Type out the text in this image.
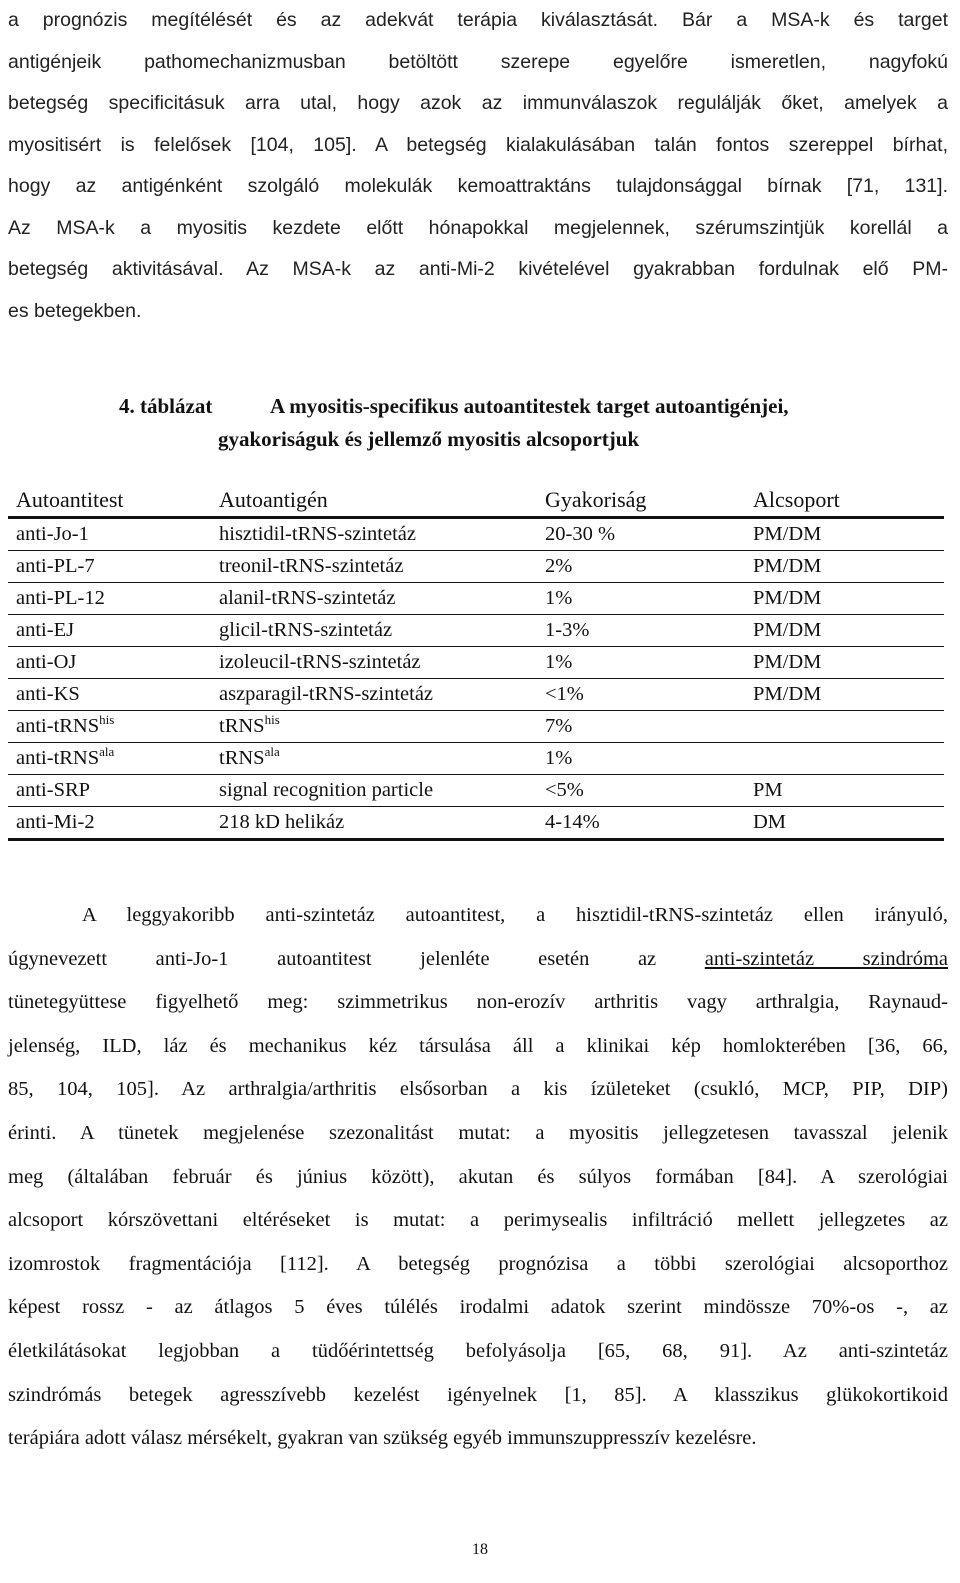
a prognózis megítélését és az adekvát terápia kiválasztását. Bár a MSA-k és target
antigénjeik pathomechanizmusban betöltött szerepe egyelőre ismeretlen, nagyfokú
betegség specificitásuk arra utal, hogy azok az immunválaszok regulálják őket, amelyek a
myositisért is felelősek [104, 105]. A betegség kialakulásában talán fontos szereppel bírhat,
hogy az antigénként szolgáló molekulák kemoattraktáns tulajdonsággal bírnak [71, 131].
Az MSA-k a myositis kezdete előtt hónapokkal megjelennek, szérumszintjük korellál a
betegség aktivitásával. Az MSA-k az anti-Mi-2 kivételével gyakrabban fordulnak elő PM-
es betegekben.
4. táblázat	A myositis-specifikus autoantitestek target autoantigénjei,
gyakoriságuk és jellemző myositis alcsoportjuk
Autoantitest	Autoantigén	Gyakoriság	Alcsoport
anti-Jo-1	hisztidil-tRNS-szintetáz	20-30 %	PM/DM
anti-PL-7	treonil-tRNS-szintetáz	2%	PM/DM
anti-PL-12	alanil-tRNS-szintetáz	1%	PM/DM
anti-EJ	glicil-tRNS-szintetáz	1-3%	PM/DM
anti-OJ	izoleucil-tRNS-szintetáz	1%	PM/DM
anti-KS	aszparagil-tRNS-szintetáz	<1%	PM/DM
anti-tRNS$^{his}$	tRNS$^{his}$	7%	
anti-tRNS$^{ala}$	tRNS$^{ala}$	1%	
anti-SRP	signal recognition particle	<5%	PM
anti-Mi-2	218 kD helikáz	4-14%	DM
A leggyakoribb anti-szintetáz autoantitest, a hisztidil-tRNS-szintetáz ellen irányuló,
úgynevezett anti-Jo-1 autoantitest jelenléte esetén az anti-szintetáz szindróma
tünetegyüttese figyelhető meg: szimmetrikus non-erozív arthritis vagy arthralgia, Raynaud-
jelenség, ILD, láz és mechanikus kéz társulása áll a klinikai kép homlokterében [36, 66,
85, 104, 105]. Az arthralgia/arthritis elsősorban a kis ízületeket (csukló, MCP, PIP, DIP)
érinti. A tünetek megjelenése szezonalitást mutat: a myositis jellegzetesen tavasszal jelenik
meg (általában február és június között), akutan és súlyos formában [84]. A szerológiai
alcsoport kórszövettani eltéréseket is mutat: a perimysealis infiltráció mellett jellegzetes az
izomrostok fragmentációja [112]. A betegség prognózisa a többi szerológiai alcsoporthoz
képest rossz - az átlagos 5 éves túlélés irodalmi adatok szerint mindössze 70%-os -, az
életkilátásokat legjobban a tüdőérintettség befolyásolja [65, 68, 91]. Az anti-szintetáz
szindrómás betegek agresszívebb kezelést igényelnek [1, 85]. A klasszikus glükokortikoid
terápiára adott válasz mérsékelt, gyakran van szükség egyéb immunszuppresszív kezelésre.
18
